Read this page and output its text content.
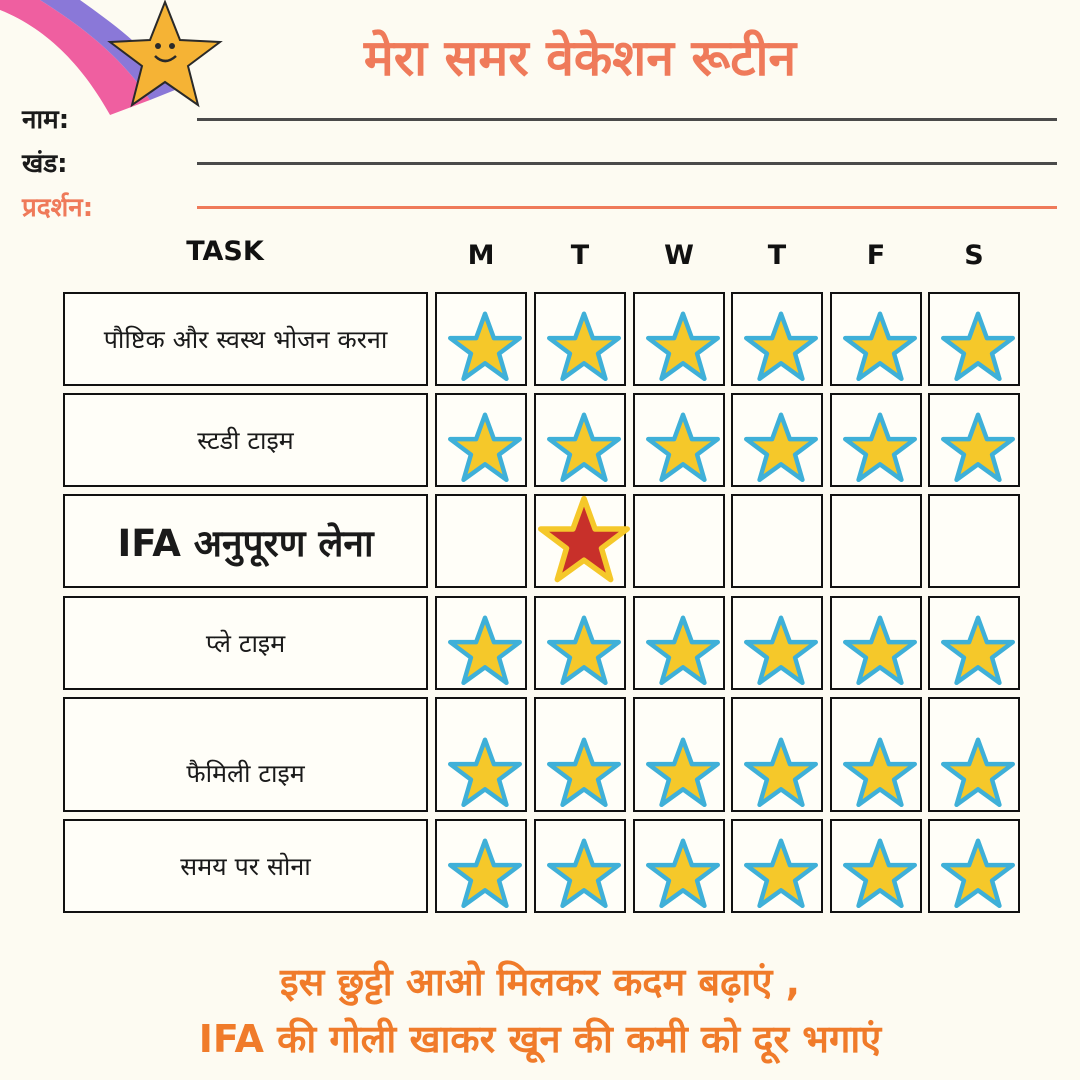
मेरा समर वेकेशन रूटीन
नाम:
खंड:
प्रदर्शन:
TASK	M	T	W	T	F	S
पौष्टिक और स्वस्थ भोजन करना
स्टडी टाइम
IFA अनुपूरण लेना
प्ले टाइम
फैमिली टाइम
समय पर सोना
इस छुट्टी आओ मिलकर कदम बढ़ाएं ,
IFA की गोली खाकर खून की कमी को दूर भगाएं
